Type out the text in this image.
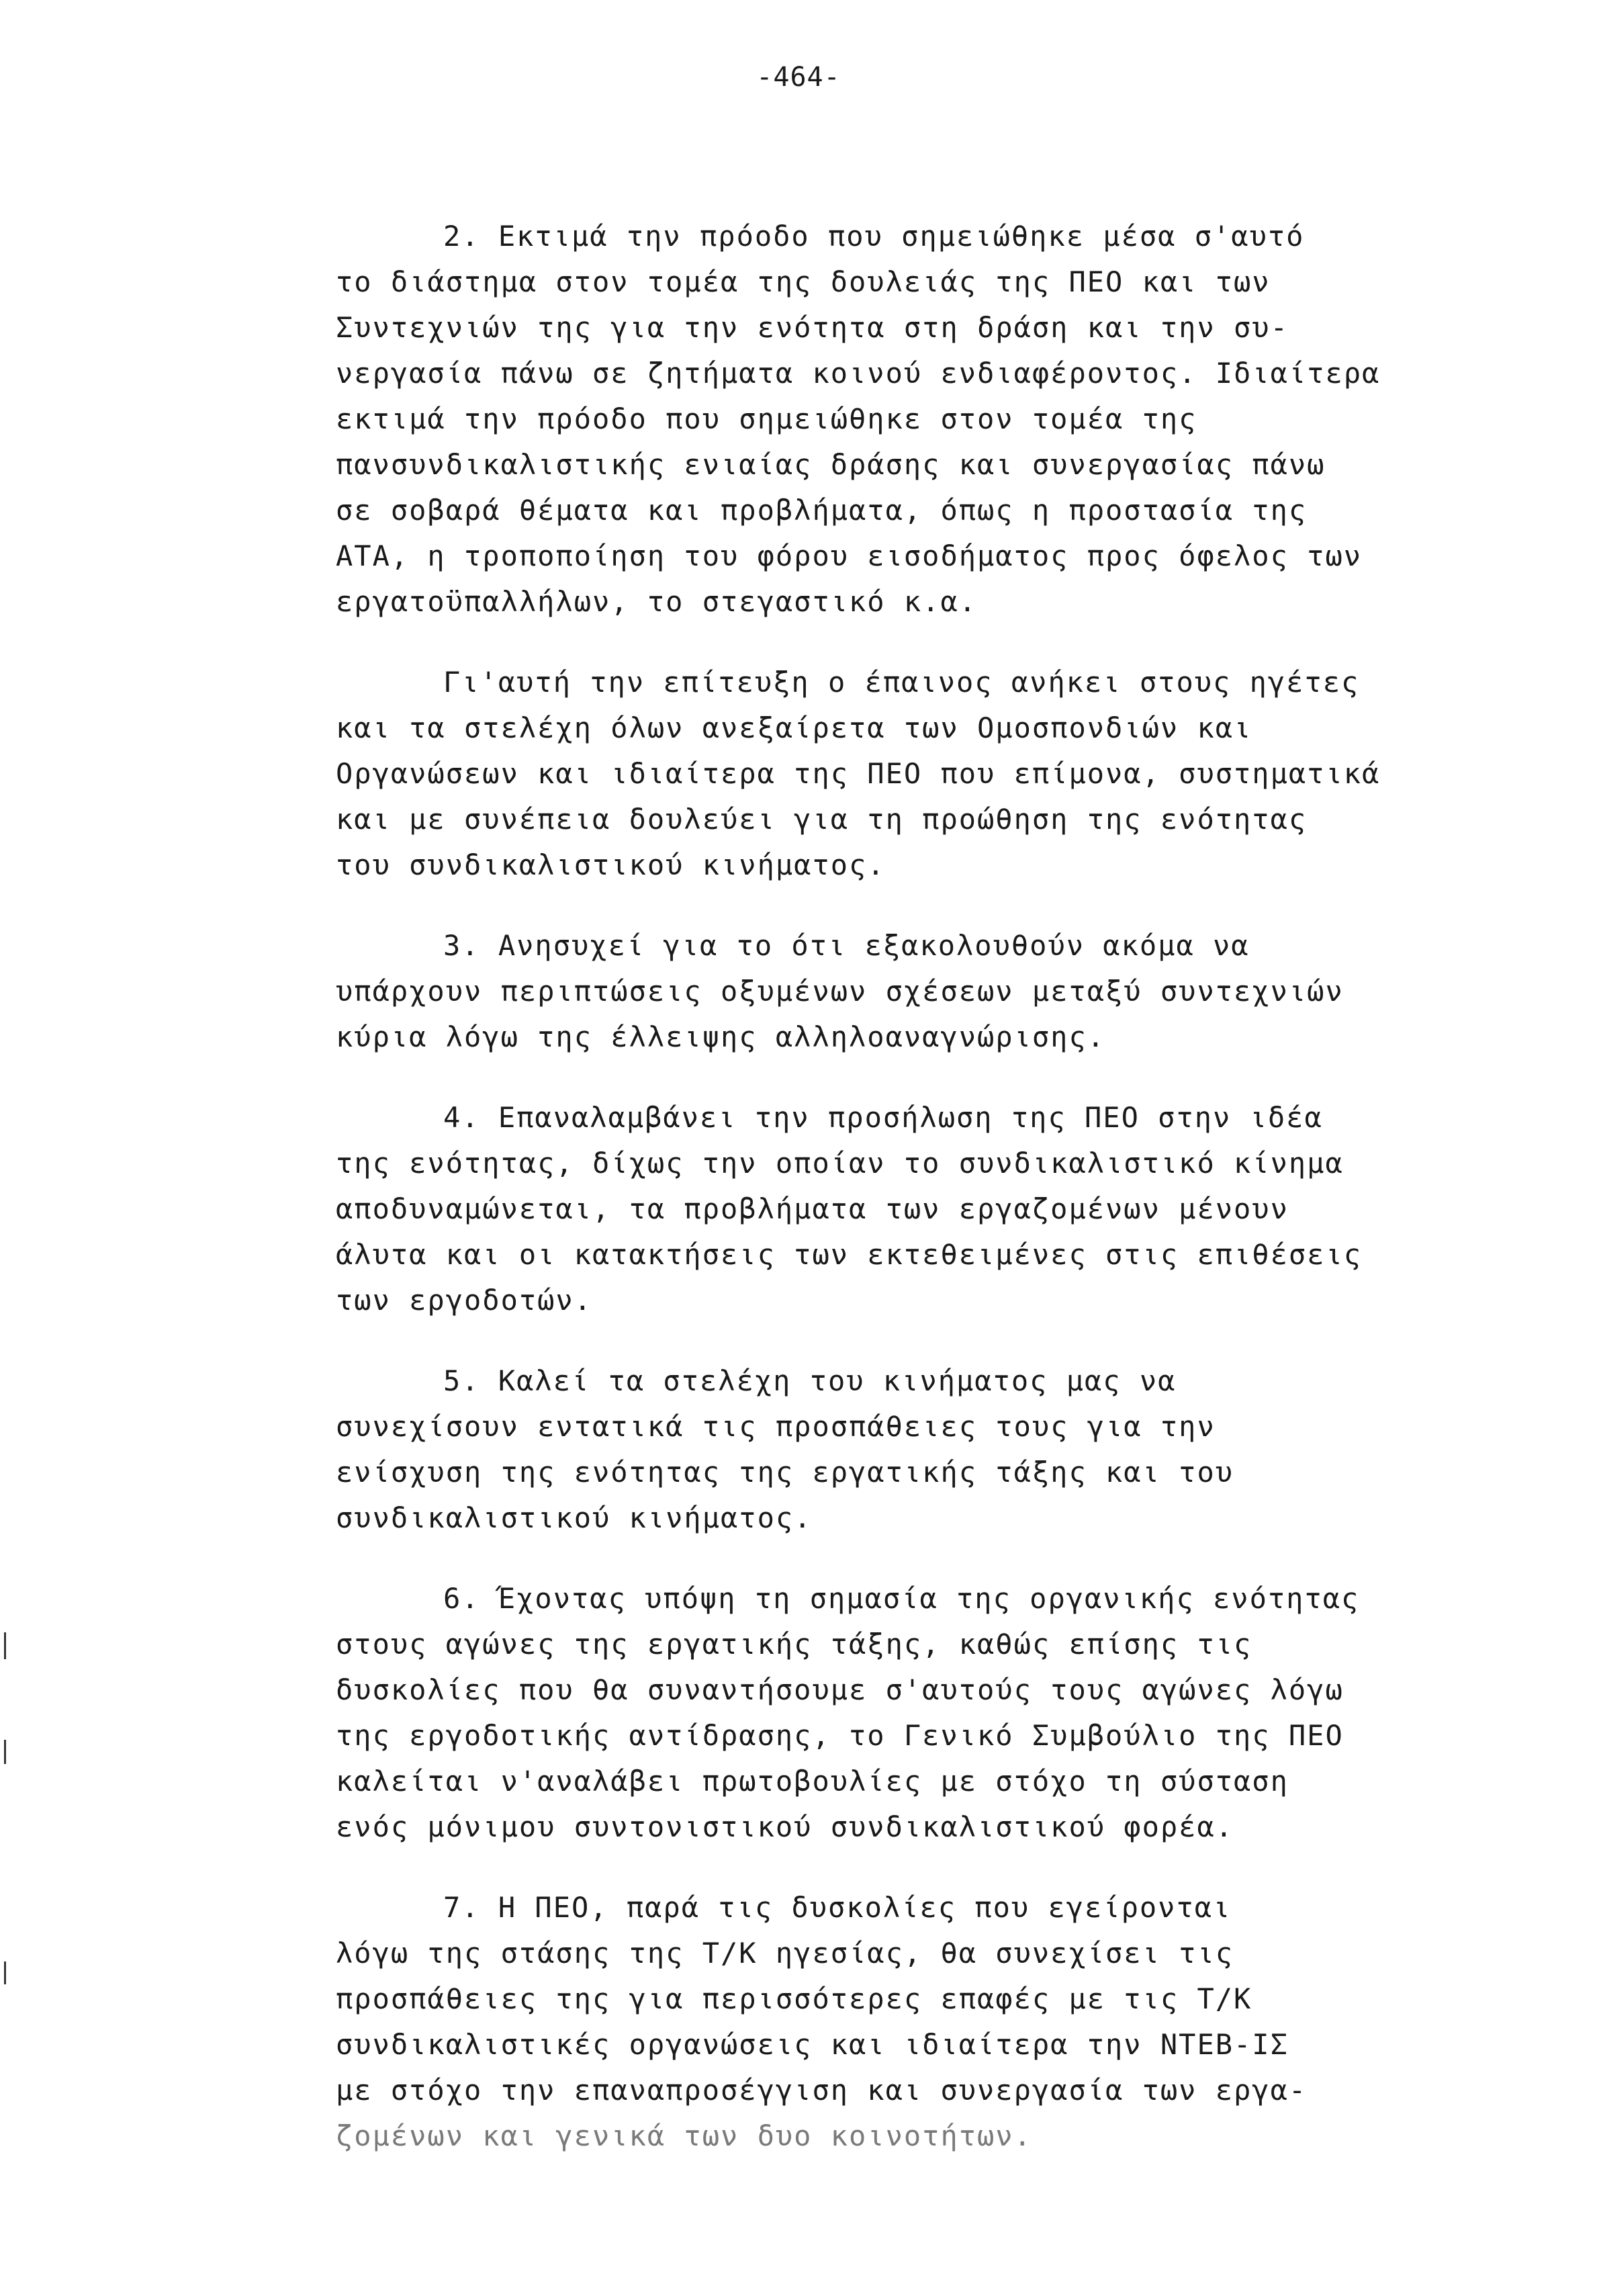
-464-
2. Εκτιμά την πρόοδο που σημειώθηκε μέσα σ'αυτό
το διάστημα στον τομέα της δουλειάς της ΠΕΟ και των
Συντεχνιών της για την ενότητα στη δράση και την συ-
νεργασία πάνω σε ζητήματα κοινού ενδιαφέροντος. Ιδιαίτερα
εκτιμά την πρόοδο που σημειώθηκε στον τομέα της
πανσυνδικαλιστικής ενιαίας δράσης και συνεργασίας πάνω
σε σοβαρά θέματα και προβλήματα, όπως η προστασία της
ΑΤΑ, η τροποποίηση του φόρου εισοδήματος προς όφελος των
εργατοϋπαλλήλων, το στεγαστικό κ.α.
Γι'αυτή την επίτευξη ο έπαινος ανήκει στους ηγέτες
και τα στελέχη όλων ανεξαίρετα των Ομοσπονδιών και
Οργανώσεων και ιδιαίτερα της ΠΕΟ που επίμονα, συστηματικά
και με συνέπεια δουλεύει για τη προώθηση της ενότητας
του συνδικαλιστικού κινήματος.
3. Ανησυχεί για το ότι εξακολουθούν ακόμα να
υπάρχουν περιπτώσεις οξυμένων σχέσεων μεταξύ συντεχνιών
κύρια λόγω της έλλειψης αλληλοαναγνώρισης.
4. Επαναλαμβάνει την προσήλωση της ΠΕΟ στην ιδέα
της ενότητας, δίχως την οποίαν το συνδικαλιστικό κίνημα
αποδυναμώνεται, τα προβλήματα των εργαζομένων μένουν
άλυτα και οι κατακτήσεις των εκτεθειμένες στις επιθέσεις
των εργοδοτών.
5. Καλεί τα στελέχη του κινήματος μας να
συνεχίσουν εντατικά τις προσπάθειες τους για την
ενίσχυση της ενότητας της εργατικής τάξης και του
συνδικαλιστικού κινήματος.
6. Έχοντας υπόψη τη σημασία της οργανικής ενότητας
στους αγώνες της εργατικής τάξης, καθώς επίσης τις
δυσκολίες που θα συναντήσουμε σ'αυτούς τους αγώνες λόγω
της εργοδοτικής αντίδρασης, το Γενικό Συμβούλιο της ΠΕΟ
καλείται ν'αναλάβει πρωτοβουλίες με στόχο τη σύσταση
ενός μόνιμου συντονιστικού συνδικαλιστικού φορέα.
7. Η ΠΕΟ, παρά τις δυσκολίες που εγείρονται
λόγω της στάσης της Τ/Κ ηγεσίας, θα συνεχίσει τις
προσπάθειες της για περισσότερες επαφές με τις Τ/Κ
συνδικαλιστικές οργανώσεις και ιδιαίτερα την ΝΤΕΒ-ΙΣ
με στόχο την επαναπροσέγγιση και συνεργασία των εργα-
ζομένων και γενικά των δυο κοινοτήτων.
